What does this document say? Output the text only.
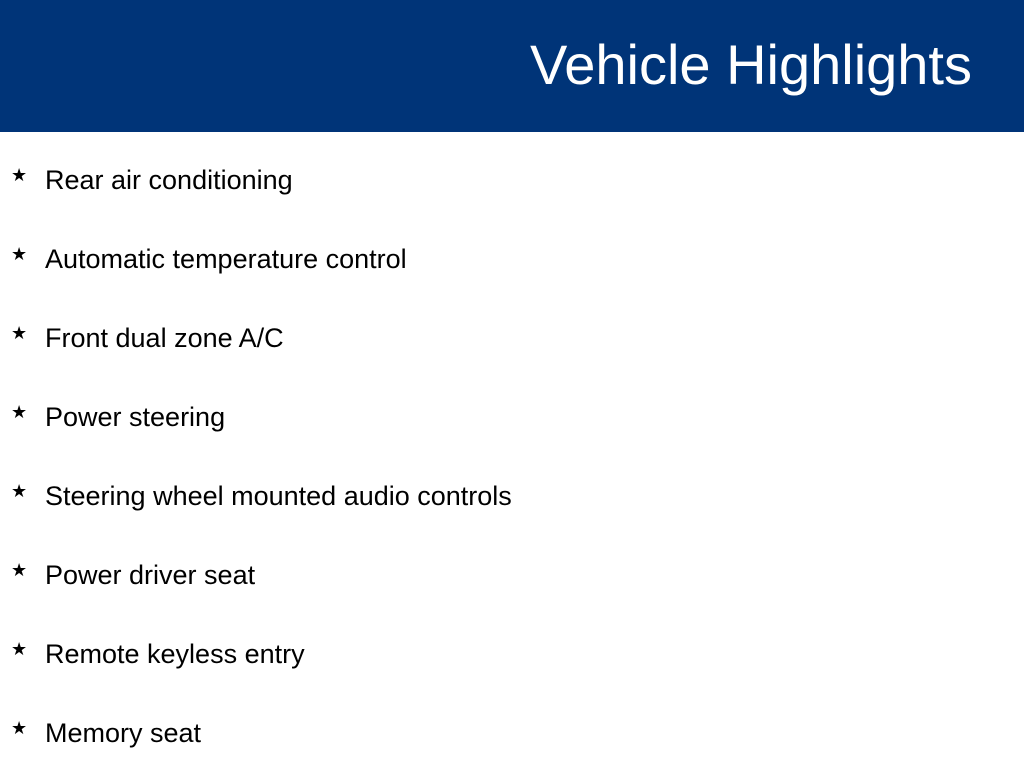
Vehicle Highlights
★ Rear air conditioning
★ Automatic temperature control
★ Front dual zone A/C
★ Power steering
★ Steering wheel mounted audio controls
★ Power driver seat
★ Remote keyless entry
★ Memory seat
